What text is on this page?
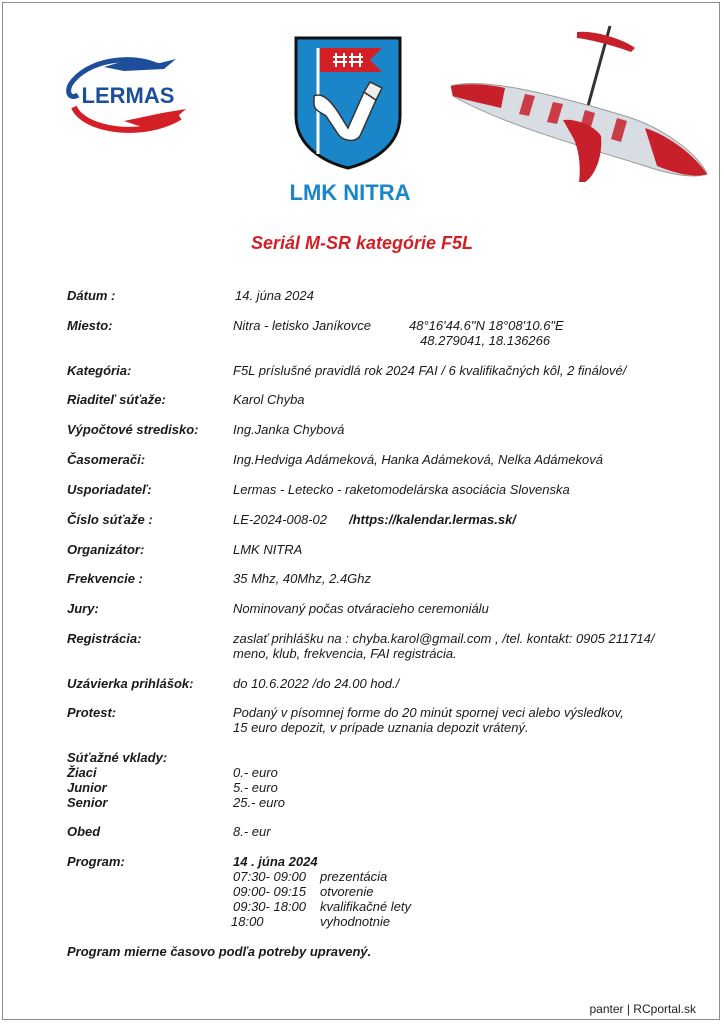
LERMAS
LMK NITRA
Seriál M-SR kategórie F5L
Dátum :	14. júna 2024
Miesto:	Nitra - letisko Janíkovce	48°16'44.6"N 18°08'10.6"E
48.279041, 18.136266
Kategória:	F5L príslušné pravidlá rok 2024 FAI / 6 kvalifikačných kôl, 2 finálové/
Riaditeľ súťaže:	Karol Chyba
Výpočtové stredisko:	Ing.Janka Chybová
Časomerači:	Ing.Hedviga Adámeková, Hanka Adámeková, Nelka Adámeková
Usporiadateľ:	Lermas - Letecko - raketomodelárska asociácia Slovenska
Číslo súťaže :	LE-2024-008-02 /https://kalendar.lermas.sk/
Organizátor:	LMK NITRA
Frekvencie :	35 Mhz, 40Mhz, 2.4Ghz
Jury:	Nominovaný počas otváracieho ceremoniálu
Registrácia:	zaslať prihlášku na : chyba.karol@gmail.com , /tel. kontakt: 0905 211714/
meno, klub, frekvencia, FAI registrácia.
Uzávierka prihlášok:	do 10.6.2022 /do 24.00 hod./
Protest:	Podaný v písomnej forme do 20 minút spornej veci alebo výsledkov,
15 euro depozit, v prípade uznania depozit vrátený.
Súťažné vklady:
Žiaci	0.- euro
Junior	5.- euro
Senior	25.- euro
Obed	8.- eur
Program:	14 . júna 2024
07:30- 09:00 prezentácia
09:00- 09:15 otvorenie
09:30- 18:00 kvalifikačné lety
18:00	vyhodnotnie
Program mierne časovo podľa potreby upravený.
panter | RCportal.sk
